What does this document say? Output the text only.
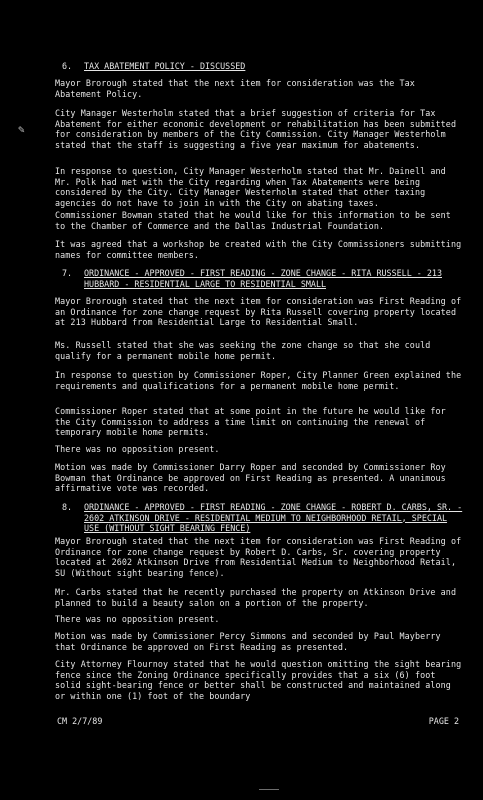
6. TAX ABATEMENT POLICY - DISCUSSED

Mayor Brorough stated that the next item for consideration was the Tax Abatement Policy.

City Manager Westerholm stated that a brief suggestion of criteria for Tax Abatement for either economic development or rehabilitation has been submitted for consideration by members of the City Commission. City Manager Westerholm stated that the staff is suggesting a five year maximum for abatements.

In response to question, City Manager Westerholm stated that Mr. Dainell and Mr. Polk had met with the City regarding when Tax Abatements were being considered by the City. City Manager Westerholm stated that other taxing agencies do not have to join in with the City on abating taxes.

Commissioner Bowman stated that he would like for this information to be sent to the Chamber of Commerce and the Dallas Industrial Foundation.

It was agreed that a workshop be created with the City Commissioners submitting names for committee members.

✎
7. ORDINANCE - APPROVED - FIRST READING - ZONE CHANGE - RITA RUSSELL - 213 HUBBARD - RESIDENTIAL LARGE TO RESIDENTIAL SMALL

Mayor Brorough stated that the next item for consideration was First Reading of an Ordinance for zone change request by Rita Russell covering property located at 213 Hubbard from Residential Large to Residential Small.

Ms. Russell stated that she was seeking the zone change so that she could qualify for a permanent mobile home permit.

In response to question by Commissioner Roper, City Planner Green explained the requirements and qualifications for a permanent mobile home permit.

Commissioner Roper stated that at some point in the future he would like for the City Commission to address a time limit on continuing the renewal of temporary mobile home permits.

There was no opposition present.

Motion was made by Commissioner Darry Roper and seconded by Commissioner Roy Bowman that Ordinance be approved on First Reading as presented. A unanimous affirmative vote was recorded.

8. ORDINANCE - APPROVED - FIRST READING - ZONE CHANGE - ROBERT D. CARBS, SR. - 2602 ATKINSON DRIVE - RESIDENTIAL MEDIUM TO NEIGHBORHOOD RETAIL, SPECIAL USE (WITHOUT SIGHT BEARING FENCE)

Mayor Brorough stated that the next item for consideration was First Reading of Ordinance for zone change request by Robert D. Carbs, Sr. covering property located at 2602 Atkinson Drive from Residential Medium to Neighborhood Retail, SU (Without sight bearing fence).

Mr. Carbs stated that he recently purchased the property on Atkinson Drive and planned to build a beauty salon on a portion of the property.

There was no opposition present.

Motion was made by Commissioner Percy Simmons and seconded by Paul Mayberry that Ordinance be approved on First Reading as presented.

City Attorney Flournoy stated that he would question omitting the sight bearing fence since the Zoning Ordinance specifically provides that a six (6) foot solid sight-bearing fence or better shall be constructed and maintained along or within one (1) foot of the boundary

CM 2/7/89	PAGE 2
